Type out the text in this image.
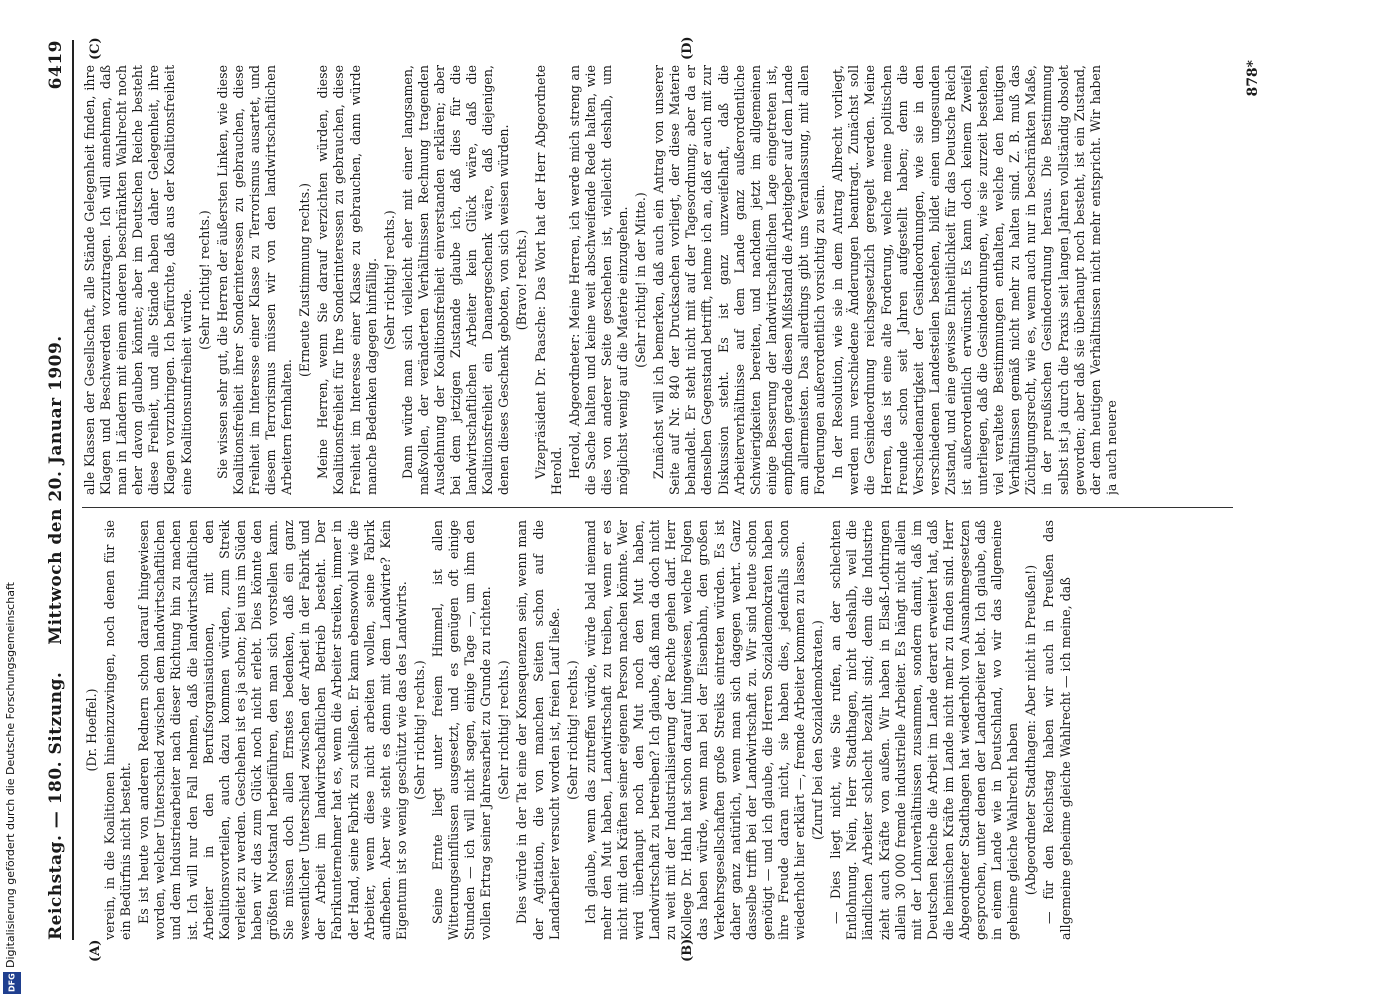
Reichstag. — 180. Sitzung.
Mittwoch den 20. Januar 1909.
6419
(A)	(B)
(C)	(D)

(Dr. Hoeffel.) verein, in die Koalitionen hineinzuzwingen, noch denen für sie ein Bedürfnis nicht besteht. Es ist heute von anderen Rednern schon darauf hingewiesen worden, welcher Unterschied zwischen dem landwirtschaftlichen und dem Industriearbeiter nach dieser Richtung hin zu machen ist. Ich will nur den Fall nehmen, daß die landwirtschaftlichen Arbeiter in den Berufsorganisationen, mit den Koalitionsvorteilen, auch dazu kommen würden, zum Streik verleitet zu werden. Geschehen ist es ja schon; bei uns im Süden haben wir das zum Glück noch nicht erlebt. Dies könnte den größten Notstand herbeiführen, den man sich vorstellen kann. Sie müssen doch allen Ernstes bedenken, daß ein ganz wesentlicher Unterschied zwischen der Arbeit in der Fabrik und der Arbeit im landwirtschaftlichen Betrieb besteht. Der Fabrikunternehmer hat es, wenn die Arbeiter streiken, immer in der Hand, seine Fabrik zu schließen. Er kann ebensowohl wie die Arbeiter, wenn diese nicht arbeiten wollen, seine Fabrik aufheben. Aber wie steht es denn mit dem Landwirte? Kein Eigentum ist so wenig geschützt wie das des Landwirts. (Sehr richtig! rechts.) Seine Ernte liegt unter freiem Himmel, ist allen Witterungseinflüssen ausgesetzt, und es genügen oft einige Stunden — ich will nicht sagen, einige Tage —, um ihm den vollen Ertrag seiner Jahresarbeit zu Grunde zu richten. (Sehr richtig! rechts.) Dies würde in der Tat eine der Konsequenzen sein, wenn man der Agitation, die von manchen Seiten schon auf die Landarbeiter versucht worden ist, freien Lauf ließe. (Sehr richtig! rechts.) Ich glaube, wenn das zutreffen würde, würde bald niemand mehr den Mut haben, Landwirtschaft zu treiben, wenn er es nicht mit den Kräften seiner eigenen Person machen könnte. Wer wird überhaupt noch den Mut noch den Mut haben, Landwirtschaft zu betreiben? Ich glaube, daß man da doch nicht zu weit mit der Industrialisierung der Rechte gehen darf. Herr Kollege Dr. Hahn hat schon darauf hingewiesen, welche Folgen das haben würde, wenn man bei der Eisenbahn, den großen Verkehrsgesellschaften große Streiks eintreten würden. Es ist daher ganz natürlich, wenn man sich dagegen wehrt. Ganz dasselbe trifft bei der Landwirtschaft zu. Wir sind heute schon genötigt — und ich glaube, die Herren Sozialdemokraten haben ihre Freude daran nicht, sie haben dies, jedenfalls schon wiederholt hier erklärt —, fremde Arbeiter kommen zu lassen. (Zuruf bei den Sozialdemokraten.) — Dies liegt nicht, wie Sie rufen, an der schlechten Entlohnung. Nein, Herr Stadthagen, nicht deshalb, weil die ländlichen Arbeiter schlecht bezahlt sind; denn die Industrie zieht auch Kräfte von außen. Wir haben in Elsaß-Lothringen allein 30 000 fremde industrielle Arbeiter. Es hängt nicht allein mit der Lohnverhältnissen zusammen, sondern damit, daß im Deutschen Reiche die Arbeit im Lande derart erweitert hat, daß die heimischen Kräfte im Lande nicht mehr zu finden sind. Herr Abgeordneter Stadthagen hat wiederholt von Ausnahmegesetzen gesprochen, unter denen der Landarbeiter lebt. Ich glaube, daß in einem Lande wie in Deutschland, wo wir das allgemeine geheime gleiche Wahlrecht haben (Abgeordneter Stadthagen: Aber nicht in Preußen!) — für den Reichstag haben wir auch in Preußen das allgemeine geheime gleiche Wahlrecht — ich meine, daß

alle Klassen der Gesellschaft, alle Stände Gelegenheit finden, ihre Klagen und Beschwerden vorzutragen. Ich will annehmen, daß man in Ländern mit einem anderen beschränkten Wahlrecht noch eher davon glauben könnte; aber im Deutschen Reiche besteht diese Freiheit, und alle Stände haben daher Gelegenheit, ihre Klagen vorzubringen. Ich befürchte, daß aus der Koalitionsfreiheit eine Koalitionsunfreiheit würde.

(Sehr richtig! rechts.) Sie wissen sehr gut, die Herren der äußersten Linken, wie diese Koalitionsfreiheit ihrer Sonderinteressen zu gebrauchen, diese Freiheit im Interesse einer Klasse zu Terrorismus ausartet, und diesem Terrorismus müssen wir von den landwirtschaftlichen Arbeitern fernhalten.

(Erneute Zustimmung rechts.) Meine Herren, wenn Sie darauf verzichten würden, diese Koalitionsfreiheit für Ihre Sonderinteressen zu gebrauchen, diese Freiheit im Interesse einer Klasse zu gebrauchen, dann würde manche Bedenken dagegen hinfällig. (Sehr richtig! rechts.) Dann würde man sich vielleicht eher mit einer langsamen, maßvollen, der veränderten Verhältnissen Rechnung tragenden Ausdehnung der Koalitionsfreiheit einverstanden erklären; aber bei dem jetzigen Zustande glaube ich, daß dies für die landwirtschaftlichen Arbeiter kein Glück wäre, daß die Koalitionsfreiheit ein Danaergeschenk wäre, daß diejenigen, denen dieses Geschenk geboten, von sich weisen würden. (Bravo! rechts.) Vizepräsident Dr. Paasche: Das Wort hat der Herr Abgeordnete Herold. Herold, Abgeordneter: Meine Herren, ich werde mich streng an die Sache halten und keine weit abschweifende Rede halten, wie dies von anderer Seite geschehen ist, vielleicht deshalb, um möglichst wenig auf die Materie einzugehen. (Sehr richtig! in der Mitte.) Zunächst will ich bemerken, daß auch ein Antrag von unserer Seite auf Nr. 840 der Drucksachen vorliegt, der diese Materie behandelt. Er steht nicht mit auf der Tagesordnung; aber da er denselben Gegenstand betrifft, nehme ich an, daß er auch mit zur Diskussion steht. Es ist ganz unzweifelhaft, daß die Arbeiterverhältnisse auf dem Lande ganz außerordentliche Schwierigkeiten bereiten, und nachdem jetzt im allgemeinen einige Besserung der landwirtschaftlichen Lage eingetreten ist, empfinden gerade diesen Mißstand die Arbeitgeber auf dem Lande am allermeisten. Das allerdings gibt uns Veranlassung, mit allen Forderungen außerordentlich vorsichtig zu sein. In der Resolution, wie sie in dem Antrag Albrecht vorliegt, werden nun verschiedene Änderungen beantragt. Zunächst soll die Gesindeordnung reichsgesetzlich geregelt werden. Meine Herren, das ist eine alte Forderung, welche meine politischen Freunde schon seit Jahren aufgestellt haben; denn die Verschiedenartigkeit der Gesindeordnungen, wie sie in den verschiedenen Landesteilen bestehen, bildet einen ungesunden Zustand, und eine gewisse Einheitlichkeit für das Deutsche Reich ist außerordentlich erwünscht. Es kann doch keinem Zweifel unterliegen, daß die Gesindeordnungen, wie sie zurzeit bestehen, viel veraltete Bestimmungen enthalten, welche den heutigen Verhältnissen gemäß nicht mehr zu halten sind. Z. B. muß das Züchtigungsrecht, wie es, wenn auch nur in beschränkten Maße, in der preußischen Gesindeordnung heraus. Die Bestimmung selbst ist ja durch die Praxis seit langen Jahren vollständig obsolet geworden; aber daß sie überhaupt noch besteht, ist ein Zustand, der dem heutigen Verhältnissen nicht mehr entspricht. Wir haben ja auch neuere

878*
Digitalisierung gefördert durch die Deutsche Forschungsgemeinschaft
DFG
